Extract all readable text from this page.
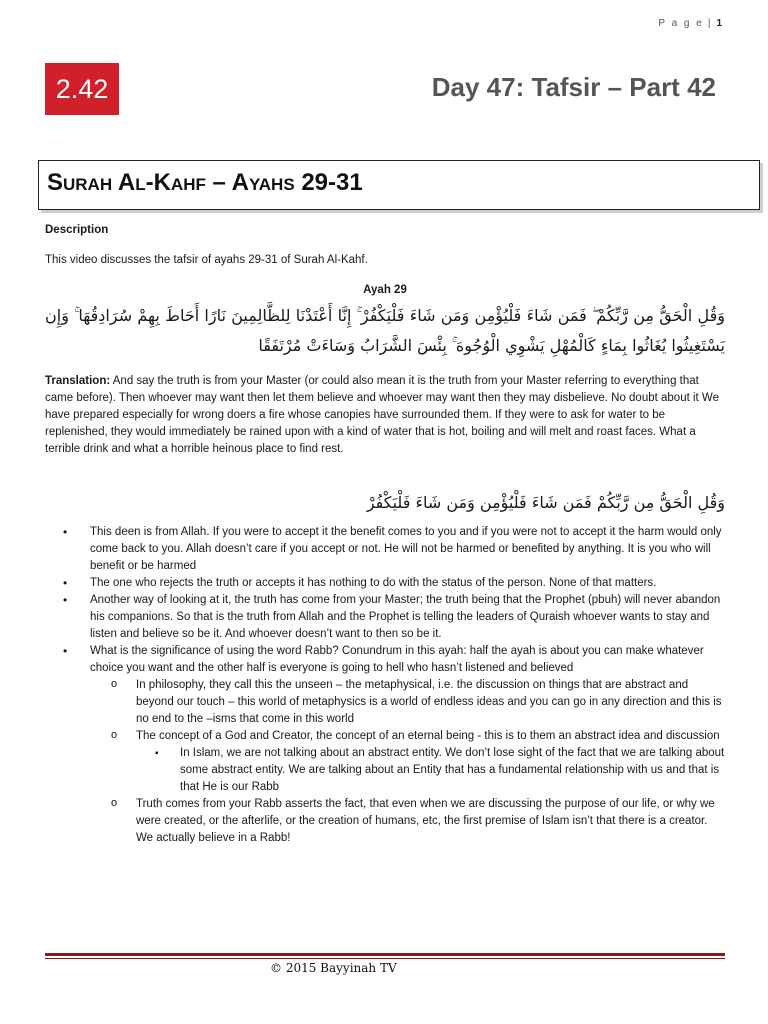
P a g e | 1
2.42	Day 47: Tafsir – Part 42
Surah Al-Kahf – Ayahs 29-31

Description

This video discusses the tafsir of ayahs 29-31 of Surah Al-Kahf.

Ayah 29

وَقُلِ الْحَقُّ مِن رَّبِّكُمْ ۖ فَمَن شَاءَ فَلْيُؤْمِن وَمَن شَاءَ فَلْيَكْفُرْ ۚ إِنَّا أَعْتَدْنَا لِلظَّالِمِينَ نَارًا أَحَاطَ بِهِمْ سُرَادِقُهَا ۚ وَإِن يَسْتَغِيثُوا يُغَاثُوا بِمَاءٍ كَالْمُهْلِ يَشْوِي الْوُجُوهَ ۚ بِئْسَ الشَّرَابُ وَسَاءَتْ مُرْتَفَقًا

Translation: And say the truth is from your Master (or could also mean it is the truth from your Master referring to everything that came before). Then whoever may want then let them believe and whoever may want then they may disbelieve. No doubt about it We have prepared especially for wrong doers a fire whose canopies have surrounded them. If they were to ask for water to be replenished, they would immediately be rained upon with a kind of water that is hot, boiling and will melt and roast faces. What a terrible drink and what a horrible heinous place to find rest.

وَقُلِ الْحَقُّ مِن رَّبِّكُمْ فَمَن شَاءَ فَلْيُؤْمِن وَمَن شَاءَ فَلْيَكْفُرْ

• This deen is from Allah. If you were to accept it the benefit comes to you and if you were not to accept it the harm would only come back to you. Allah doesn’t care if you accept or not. He will not be harmed or benefited by anything. It is you who will benefit or be harmed
• The one who rejects the truth or accepts it has nothing to do with the status of the person. None of that matters.
• Another way of looking at it, the truth has come from your Master; the truth being that the Prophet (pbuh) will never abandon his companions. So that is the truth from Allah and the Prophet is telling the leaders of Quraish whoever wants to stay and listen and believe so be it. And whoever doesn’t want to then so be it.
• What is the significance of using the word Rabb? Conundrum in this ayah: half the ayah is about you can make whatever choice you want and the other half is everyone is going to hell who hasn’t listened and believed
o In philosophy, they call this the unseen – the metaphysical, i.e. the discussion on things that are abstract and beyond our touch – this world of metaphysics is a world of endless ideas and you can go in any direction and this is no end to the –isms that come in this world
o The concept of a God and Creator, the concept of an eternal being - this is to them an abstract idea and discussion
▪ In Islam, we are not talking about an abstract entity. We don’t lose sight of the fact that we are talking about some abstract entity. We are talking about an Entity that has a fundamental relationship with us and that is that He is our Rabb
o Truth comes from your Rabb asserts the fact, that even when we are discussing the purpose of our life, or why we were created, or the afterlife, or the creation of humans, etc, the first premise of Islam isn’t that there is a creator. We actually believe in a Rabb!
© 2015 Bayyinah TV
